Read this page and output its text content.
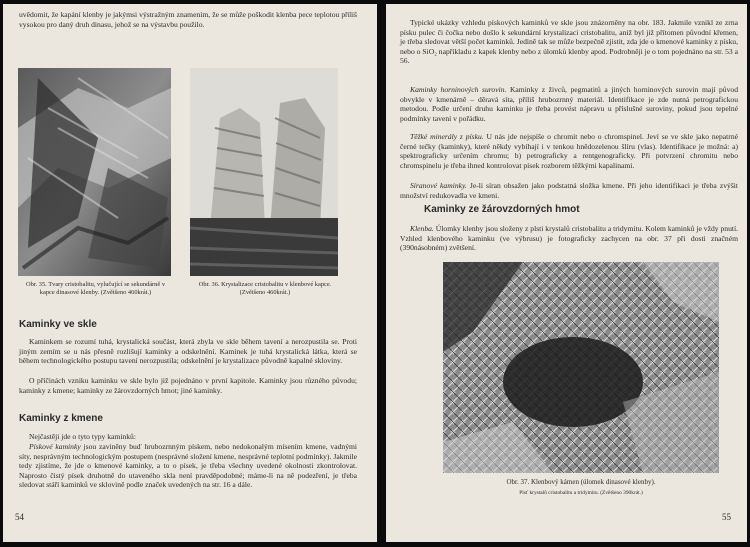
uvědomit, že kapání klenby je jakýmsi výstražným znamením, že se může poškodit klenba pece teplotou příliš vysokou pro daný druh dinasu, jehož se na výstavbu použilo.

Obr. 35. Tvary cristobalitu, vylučující se sekundárně v kapce dinasové klenby. (Zvětšeno 460krát.)

Obr. 36. Krystalizace cristobalitu v klenbové kapce. (Zvětšeno 460krát.)

Kaminky ve skle

Kaminkem se rozumí tuhá, krystalická součást, která zbyla ve skle během tavení a nerozpustila se. Proti jiným zemím se u nás přesně rozlišují kaminky a odskelnění. Kaminek je tuhá krystalická látka, která se během technologického postupu tavení nerozpustila; odskelnění je krystalizace původně kapalné skloviny.

O příčinách vzniku kaminku ve skle bylo již pojednáno v první kapitole. Kaminky jsou různého původu; kaminky z kmene; kaminky ze žárovzdorných hmot; jiné kaminky.

Kaminky z kmene

Nejčastěji jde o tyto typy kaminků:

Pískové kaminky jsou zaviněny buď hrubozrnným pískem, nebo nedokonalým mísením kmene, vadnými síty, nesprávným technologickým postupem (nesprávné složení kmene, nesprávné teplotní podmínky). Jakmile tedy zjistíme, že jde o kmenové kaminky, a to o písek, je třeba všechny uvedené okolnosti zkontrolovat. Naprosto čistý písek druhotně do utaveného skla není pravděpodobné; máme-li na ně podezření, je třeba sledovat stáří kaminků ve sklovině podle značek uvedených na str. 16 a dále.

54

Typické ukázky vzhledu pískových kaminků ve skle jsou znázorněny na obr. 183. Jakmile vznikl ze zrna písku pulec či čočka nebo došlo k sekundární krystalizaci cristobalitu, aniž byl již přítomen původní křemen, je třeba sledovat větší počet kaminků. Jedině tak se může bezpečně zjistit, zda jde o kmenové kaminky z písku, nebo o SiO₂ napříkladu z kapek klenby nebo z úlomků klenby apod. Podrobněji je o tom pojednáno na str. 53 a 56.

Kaminky horninových surovin. Kaminky z živců, pegmatitů a jiných horninových surovin mají původ obvykle v kmenárně – děravá síta, příliš hrubozrnný materiál. Identifikace je zde nutná petrografickou metodou. Podle určení druhu kaminku je třeba provést nápravu u příslušné suroviny, pokud jsou tepelné podmínky tavení v pořádku.

Těžké minerály z písku. U nás jde nejspíše o chromit nebo o chromspinel. Jeví se ve skle jako nepatrné černé tečky (kaminky), které někdy vybíhají i v tenkou hnědozelenou šlíru (vlas). Identifikace je možná: a) spektrograficky určením chromu; b) petrograficky a rentgenograficky. Při potvrzení chromitu nebo chromspinelu je třeba ihned kontrolovat písek rozborem těžkými kapalinami.

Síranové kaminky. Je-li síran obsažen jako podstatná složka kmene. Při jeho identifikaci je třeba zvýšit množství redukovadla ve kmeni.

Kaminky ze žárovzdorných hmot

Klenba. Úlomky klenby jsou složeny z plsti krystalů cristobalitu a tridymitu. Kolem kaminků je vždy pnutí. Vzhled klenbového kaminku (ve výbrusu) je fotograficky zachycen na obr. 37 při dosti značném (390násobném) zvětšení.

Obr. 37. Klenbový kámen (úlomek dinasové klenby).

Plsť krystalů cristobalitu a tridymitu. (Zvětšeno 390krát.)

55
